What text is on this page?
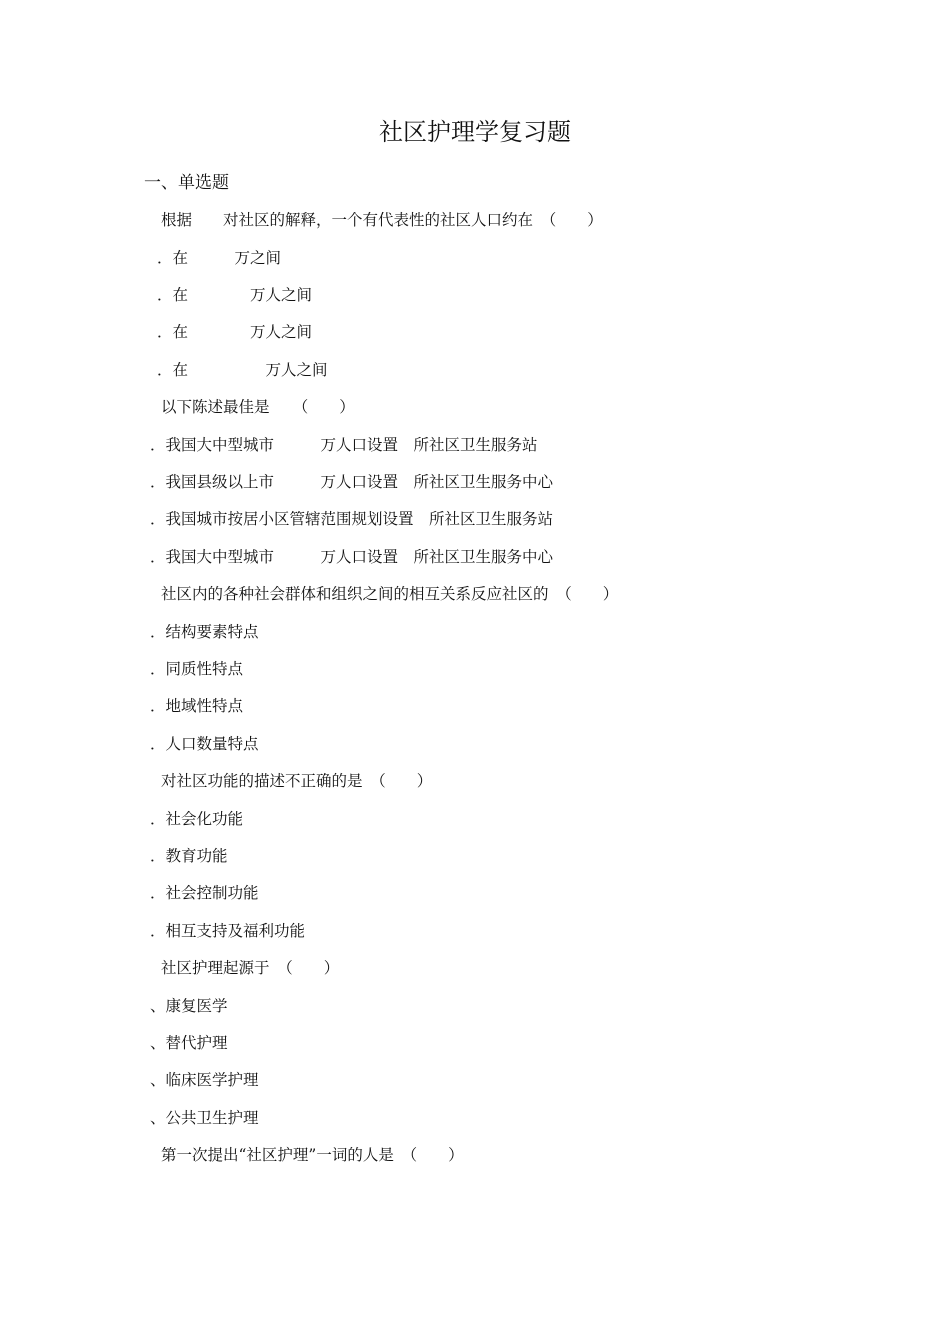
社区护理学复习题
一、单选题
根据　　对社区的解释，一个有代表性的社区人口约在　（　　）
．在　　　万之间
．在　　　　万人之间
．在　　　　万人之间
．在　　　　　万人之间
以下陈述最佳是　　（　　）
．我国大中型城市　　　万人口设置　所社区卫生服务站
．我国县级以上市　　　万人口设置　所社区卫生服务中心
．我国城市按居小区管辖范围规划设置　所社区卫生服务站
．我国大中型城市　　　万人口设置　所社区卫生服务中心
社区内的各种社会群体和组织之间的相互关系反应社区的　（　　）
．结构要素特点
．同质性特点
．地域性特点
．人口数量特点
对社区功能的描述不正确的是　（　　）
．社会化功能
．教育功能
．社会控制功能
．相互支持及福利功能
社区护理起源于　（　　）
、康复医学
、替代护理
、临床医学护理
、公共卫生护理
第一次提出“社区护理”一词的人是　（　　）
